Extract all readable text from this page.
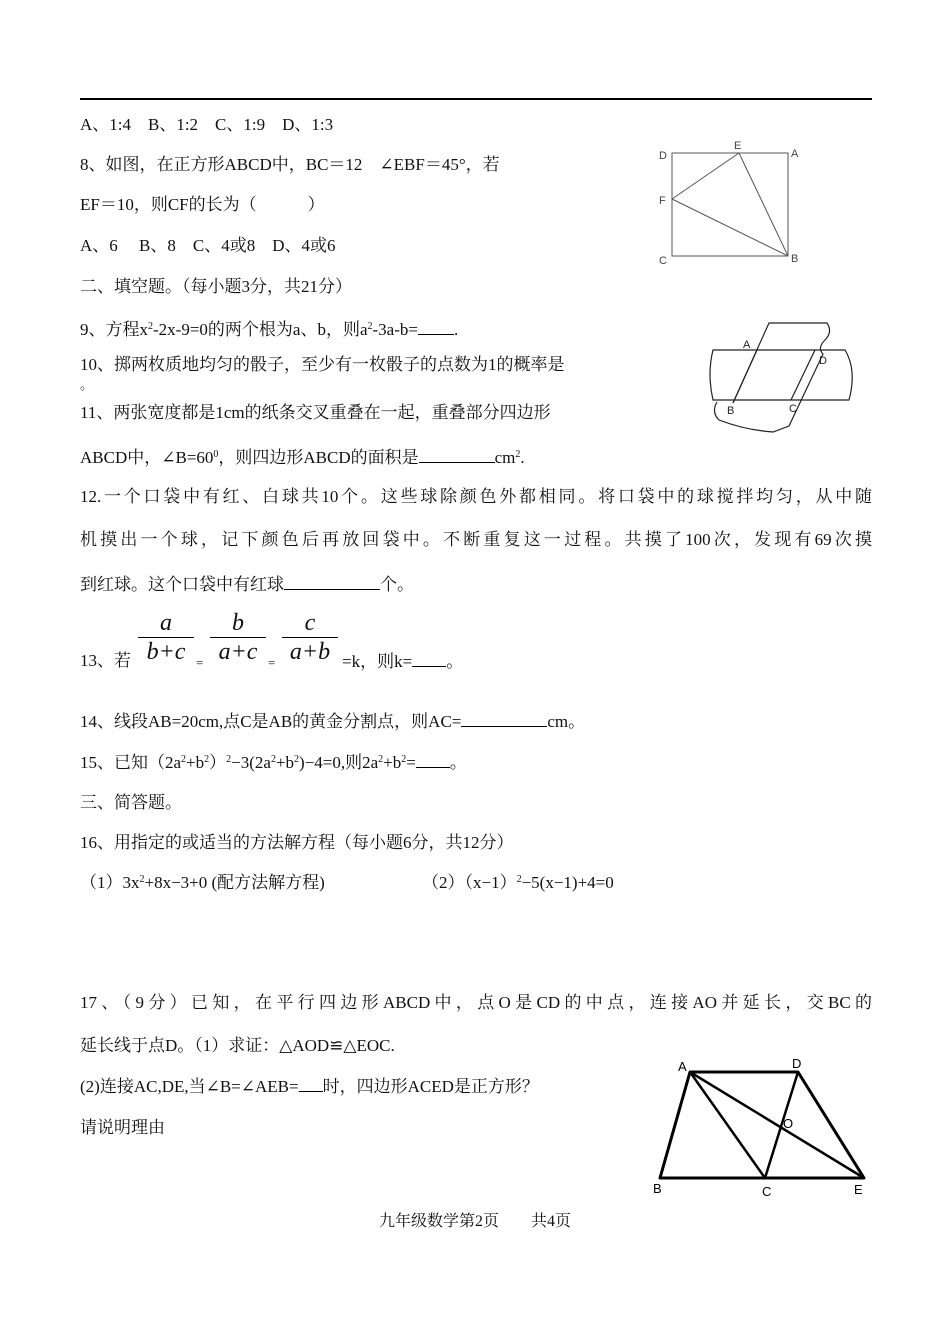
A、1:4　B、1:2　C、1:9　D、1:3
8、如图，在正方形ABCD中，BC＝12　∠EBF＝45°，若
EF＝10，则CF的长为（　　　）
A、6　 B、8　C、4或8　D、4或6
D
E
A
F
C	B
二、填空题。（每小题3分，共21分）
9、方程$x^2-2x-9=0$的两个根为a、b，则$a^2-3a-b=$ .
10、掷两枚质地均匀的骰子，至少有一枚骰子的点数为1的概率是
。
A
D
B	C
11、两张宽度都是1cm的纸条交叉重叠在一起，重叠部分四边形
ABCD中，$\angle B=60^0$，则四边形ABCD的面积是	$cm^2$.
12.一个口袋中有红、白球共10个。这些球除颜色外都相同。将口袋中的球搅拌均匀，从中随
机摸出一个球，记下颜色后再放回袋中。不断重复这一过程。共摸了100次，发现有69次摸
到红球。这个口袋中有红球	个。
13、若 $\frac{a}{b+c} = \frac{b}{a+c} = \frac{c}{a+b} =k$，则k= 。
14、线段AB=20cm,点C是AB的黄金分割点，则AC=	cm。
15、已知$(2a^2+b^2)^2-3(2a^2+b^2)-4=0$,则$2a^2+b^2=$ 。
三、简答题。
16、用指定的或适当的方法解方程（每小题6分，共12分）
$(1)3x^2+8x-3+0$ (配方法解方程)	$(2)(x-1)^2-5(x-1)+4=0$
17、（9分）已知，在平行四边形ABCD中，点O是CD的中点，连接AO并延长，交BC的
延长线于点D。（1）求证：△AOD≌△EOC.
(2)连接AC,DE,当∠B=∠AEB= 时，四边形ACED是正方形？
请说明理由
A	D
O
B	C	E
九年级数学第2页　　共4页
